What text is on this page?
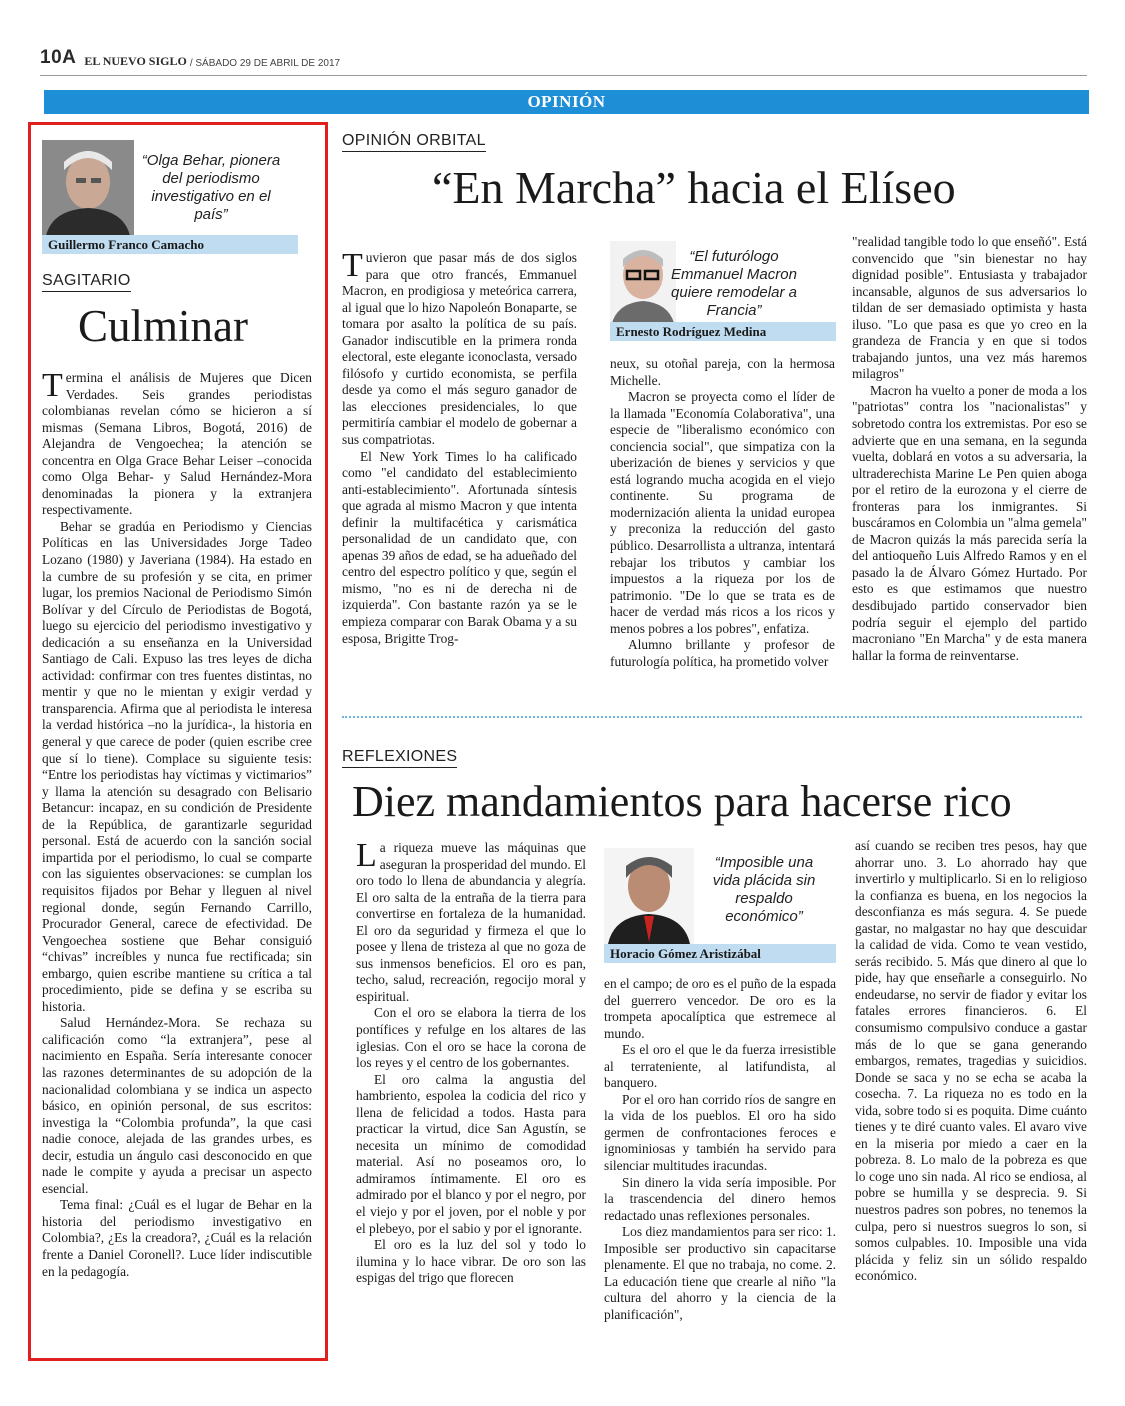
10A EL NUEVO SIGLO / SÁBADO 29 DE ABRIL DE 2017
OPINIÓN
“Olga Behar, pionera del periodismo investigativo en el país”
Guillermo Franco Camacho
SAGITARIO
Culminar

Termina el análisis de Mujeres que Dicen Verdades. Seis grandes periodistas colombianas revelan cómo se hicieron a sí mismas (Semana Libros, Bogotá, 2016) de Alejandra de Vengoechea; la atención se concentra en Olga Grace Behar Leiser –conocida como Olga Behar- y Salud Hernández-Mora denominadas la pionera y la extranjera respectivamente.

Behar se gradúa en Periodismo y Ciencias Políticas en las Universidades Jorge Tadeo Lozano (1980) y Javeriana (1984). Ha estado en la cumbre de su profesión y se cita, en primer lugar, los premios Nacional de Periodismo Simón Bolívar y del Círculo de Periodistas de Bogotá, luego su ejercicio del periodismo investigativo y dedicación a su enseñanza en la Universidad Santiago de Cali. Expuso las tres leyes de dicha actividad: confirmar con tres fuentes distintas, no mentir y que no le mientan y exigir verdad y transparencia. Afirma que al periodista le interesa la verdad histórica –no la jurídica-, la historia en general y que carece de poder (quien escribe cree que sí lo tiene). Complace su siguiente tesis: “Entre los periodistas hay víctimas y victimarios” y llama la atención su desagrado con Belisario Betancur: incapaz, en su condición de Presidente de la República, de garantizarle seguridad personal. Está de acuerdo con la sanción social impartida por el periodismo, lo cual se comparte con las siguientes observaciones: se cumplan los requisitos fijados por Behar y lleguen al nivel regional donde, según Fernando Carrillo, Procurador General, carece de efectividad. De Vengoechea sostiene que Behar consiguió “chivas” increíbles y nunca fue rectificada; sin embargo, quien escribe mantiene su crítica a tal procedimiento, pide se defina y se escriba su historia.

Salud Hernández-Mora. Se rechaza su calificación como “la extranjera”, pese al nacimiento en España. Sería interesante conocer las razones determinantes de su adopción de la nacionalidad colombiana y se indica un aspecto básico, en opinión personal, de sus escritos: investiga la “Colombia profunda”, la que casi nadie conoce, alejada de las grandes urbes, es decir, estudia un ángulo casi desconocido en que nade le compite y ayuda a precisar un aspecto esencial.

Tema final: ¿Cuál es el lugar de Behar en la historia del periodismo investigativo en Colombia?, ¿Es la creadora?, ¿Cuál es la relación frente a Daniel Coronell?. Luce líder indiscutible en la pedagogía.

OPINIÓN ORBITAL
“En Marcha” hacia el Elíseo

Tuvieron que pasar más de dos siglos para que otro francés, Emmanuel Macron, en prodigiosa y meteórica carrera, al igual que lo hizo Napoleón Bonaparte, se tomara por asalto la política de su país. Ganador indiscutible en la primera ronda electoral, este elegante iconoclasta, versado filósofo y curtido economista, se perfila desde ya como el más seguro ganador de las elecciones presidenciales, lo que permitiría cambiar el modelo de gobernar a sus compatriotas.

El New York Times lo ha calificado como "el candidato del establecimiento anti-establecimiento". Afortunada síntesis que agrada al mismo Macron y que intenta definir la multifacética y carismática personalidad de un candidato que, con apenas 39 años de edad, se ha adueñado del centro del espectro político y que, según el mismo, "no es ni de derecha ni de izquierda". Con bastante razón ya se le empieza comparar con Barak Obama y a su esposa, Brigitte Trog-

“El futurólogo Emmanuel Macron quiere remodelar a Francia”
Ernesto Rodríguez Medina

neux, su otoñal pareja, con la hermosa Michelle.

Macron se proyecta como el líder de la llamada "Economía Colaborativa", una especie de "liberalismo económico con conciencia social", que simpatiza con la uberización de bienes y servicios y que está logrando mucha acogida en el viejo continente. Su programa de modernización alienta la unidad europea y preconiza la reducción del gasto público. Desarrollista a ultranza, intentará rebajar los tributos y cambiar los impuestos a la riqueza por los de patrimonio. "De lo que se trata es de hacer de verdad más ricos a los ricos y menos pobres a los pobres", enfatiza.

Alumno brillante y profesor de futurología política, ha prometido volver

"realidad tangible todo lo que enseñó". Está convencido que "sin bienestar no hay dignidad posible". Entusiasta y trabajador incansable, algunos de sus adversarios lo tildan de ser demasiado optimista y hasta iluso. "Lo que pasa es que yo creo en la grandeza de Francia y en que si todos trabajando juntos, una vez más haremos milagros"

Macron ha vuelto a poner de moda a los "patriotas" contra los "nacionalistas" y sobretodo contra los extremistas. Por eso se advierte que en una semana, en la segunda vuelta, doblará en votos a su adversaria, la ultraderechista Marine Le Pen quien aboga por el retiro de la eurozona y el cierre de fronteras para los inmigrantes. Si buscáramos en Colombia un "alma gemela" de Macron quizás la más parecida sería la del antioqueño Luis Alfredo Ramos y en el pasado la de Álvaro Gómez Hurtado. Por esto es que estimamos que nuestro desdibujado partido conservador bien podría seguir el ejemplo del partido macroniano "En Marcha" y de esta manera hallar la forma de reinventarse.

REFLEXIONES
Diez mandamientos para hacerse rico

La riqueza mueve las máquinas que aseguran la prosperidad del mundo. El oro todo lo llena de abundancia y alegría. El oro salta de la entraña de la tierra para convertirse en fortaleza de la humanidad. El oro da seguridad y firmeza el que lo posee y llena de tristeza al que no goza de sus inmensos beneficios. El oro es pan, techo, salud, recreación, regocijo moral y espiritual.

Con el oro se elabora la tierra de los pontífices y refulge en los altares de las iglesias. Con el oro se hace la corona de los reyes y el centro de los gobernantes.

El oro calma la angustia del hambriento, espolea la codicia del rico y llena de felicidad a todos. Hasta para practicar la virtud, dice San Agustín, se necesita un mínimo de comodidad material. Así no poseamos oro, lo admiramos íntimamente. El oro es admirado por el blanco y por el negro, por el viejo y por el joven, por el noble y por el plebeyo, por el sabio y por el ignorante.

El oro es la luz del sol y todo lo ilumina y lo hace vibrar. De oro son las espigas del trigo que florecen

“Imposible una vida plácida sin respaldo económico”
Horacio Gómez Aristizábal

en el campo; de oro es el puño de la espada del guerrero vencedor. De oro es la trompeta apocalíptica que estremece al mundo.

Es el oro el que le da fuerza irresistible al terrateniente, al latifundista, al banquero.

Por el oro han corrido ríos de sangre en la vida de los pueblos. El oro ha sido germen de confrontaciones feroces e ignominiosas y también ha servido para silenciar multitudes iracundas.

Sin dinero la vida sería imposible. Por la trascendencia del dinero hemos redactado unas reflexiones personales.

Los diez mandamientos para ser rico: 1. Imposible ser productivo sin capacitarse plenamente. El que no trabaja, no come. 2. La educación tiene que crearle al niño "la cultura del ahorro y la ciencia de la planificación",

así cuando se reciben tres pesos, hay que ahorrar uno. 3. Lo ahorrado hay que invertirlo y multiplicarlo. Si en lo religioso la confianza es buena, en los negocios la desconfianza es más segura. 4. Se puede gastar, no malgastar no hay que descuidar la calidad de vida. Como te vean vestido, serás recibido. 5. Más que dinero al que lo pide, hay que enseñarle a conseguirlo. No endeudarse, no servir de fiador y evitar los fatales errores financieros. 6. El consumismo compulsivo conduce a gastar más de lo que se gana generando embargos, remates, tragedias y suicidios. Donde se saca y no se echa se acaba la cosecha. 7. La riqueza no es todo en la vida, sobre todo si es poquita. Dime cuánto tienes y te diré cuanto vales. El avaro vive en la miseria por miedo a caer en la pobreza. 8. Lo malo de la pobreza es que lo coge uno sin nada. Al rico se endiosa, al pobre se humilla y se desprecia. 9. Si nuestros padres son pobres, no tenemos la culpa, pero si nuestros suegros lo son, si somos culpables. 10. Imposible una vida plácida y feliz sin un sólido respaldo económico.
